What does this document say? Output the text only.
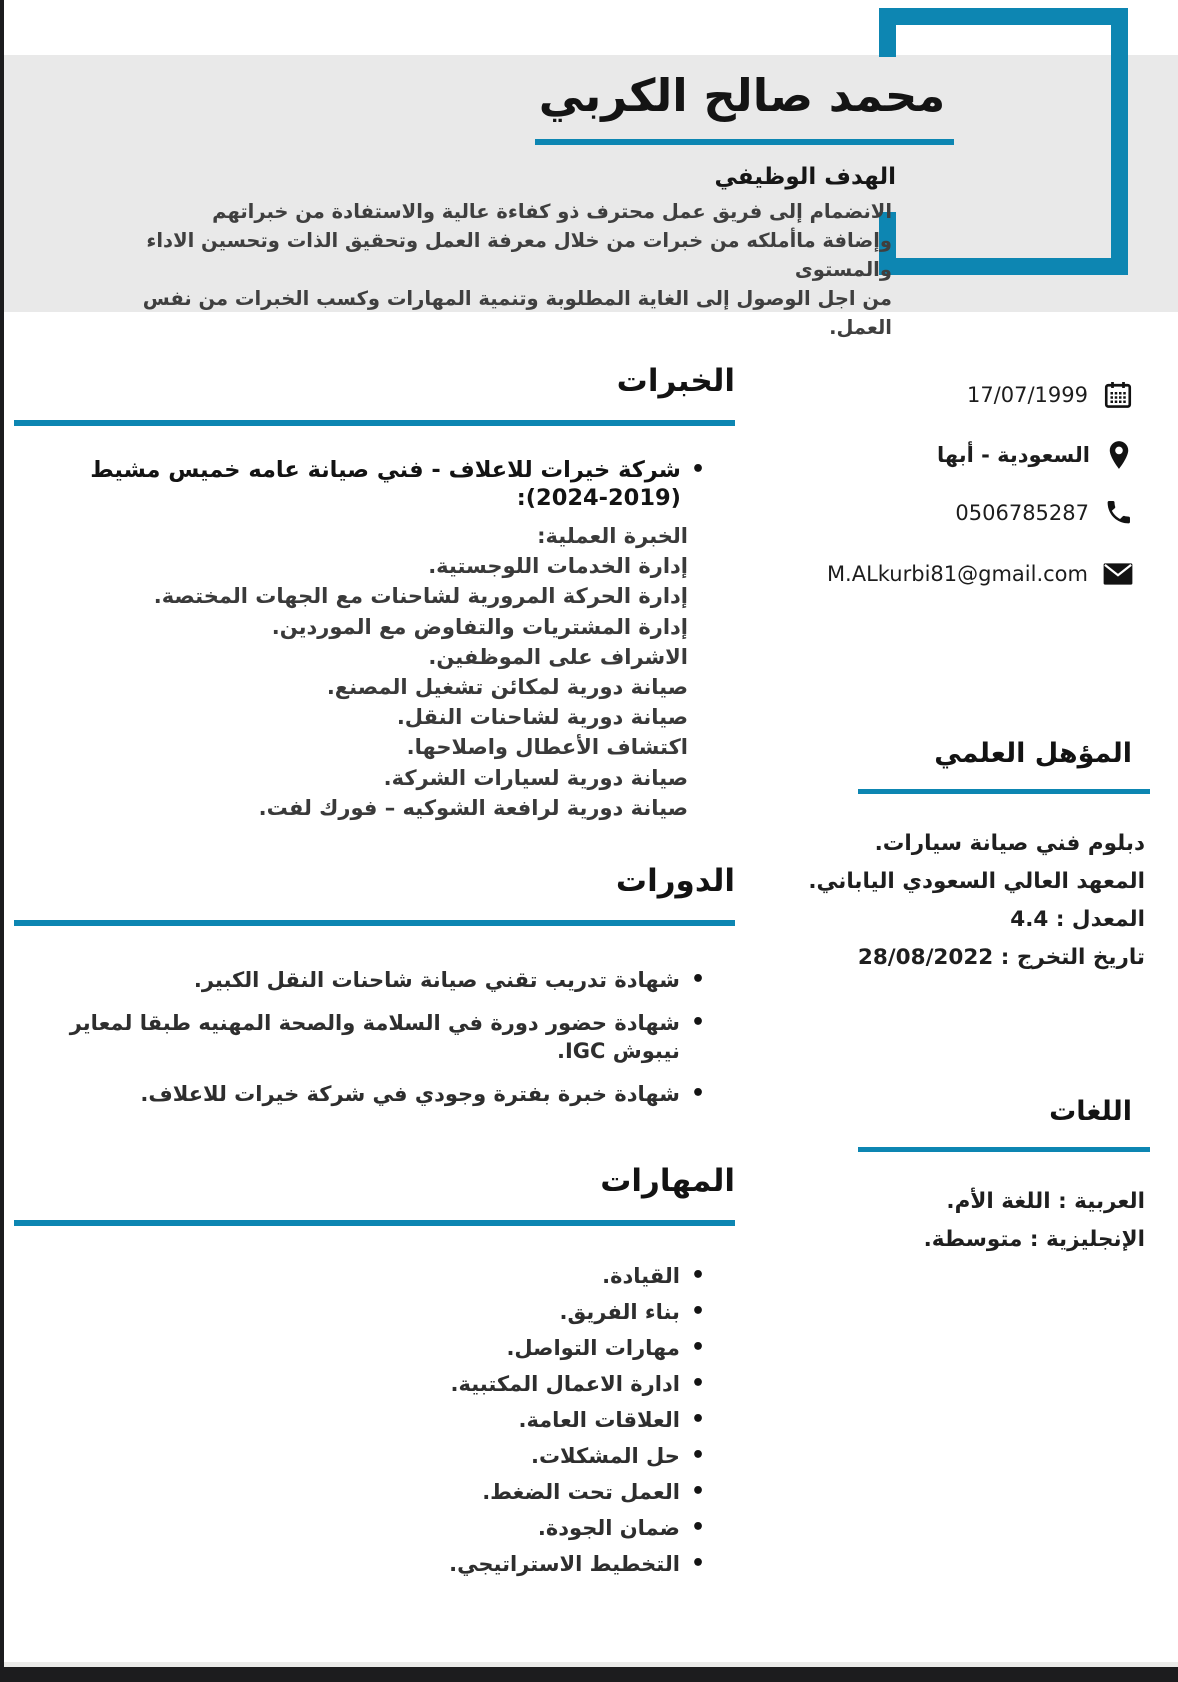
محمد صالح الكربي
الهدف الوظيفي
الانضمام إلى فريق عمل محترف ذو كفاءة عالية والاستفادة من خبراتهم
وإضافة ماأملكه من خبرات من خلال معرفة العمل وتحقيق الذات وتحسين الاداء والمستوى
من اجل الوصول إلى الغاية المطلوبة وتنمية المهارات وكسب الخبرات من نفس العمل.
17/07/1999
السعودية - أبها
0506785287
M.ALkurbi81@gmail.com
الخبرات
•
شركة خيرات للاعلاف - فني صيانة عامه خميس مشيط (2019-2024):
الخبرة العملية:
إدارة الخدمات اللوجستية.
إدارة الحركة المرورية لشاحنات مع الجهات المختصة.
إدارة المشتريات والتفاوض مع الموردين.
الاشراف على الموظفين.
صيانة دورية لمكائن تشغيل المصنع.
صيانة دورية لشاحنات النقل.
اكتشاف الأعطال واصلاحها.
صيانة دورية لسيارات الشركة.
صيانة دورية لرافعة الشوكيه – فورك لفت.
الدورات
•
شهادة تدريب تقني صيانة شاحنات النقل الكبير.
•
شهادة حضور دورة في السلامة والصحة المهنيه طبقا لمعاير نيبوش IGC.
•
شهادة خبرة بفترة وجودي في شركة خيرات للاعلاف.
المهارات
•
القيادة.
•
بناء الفريق.
•
مهارات التواصل.
•
ادارة الاعمال المكتبية.
•
العلاقات العامة.
•
حل المشكلات.
•
العمل تحت الضغط.
•
ضمان الجودة.
•
التخطيط الاستراتيجي.
المؤهل العلمي
دبلوم فني صيانة سيارات.
المعهد العالي السعودي الياباني.
المعدل : 4.4
تاريخ التخرج : 28/08/2022
اللغات
العربية : اللغة الأم.
الإنجليزية : متوسطة.
